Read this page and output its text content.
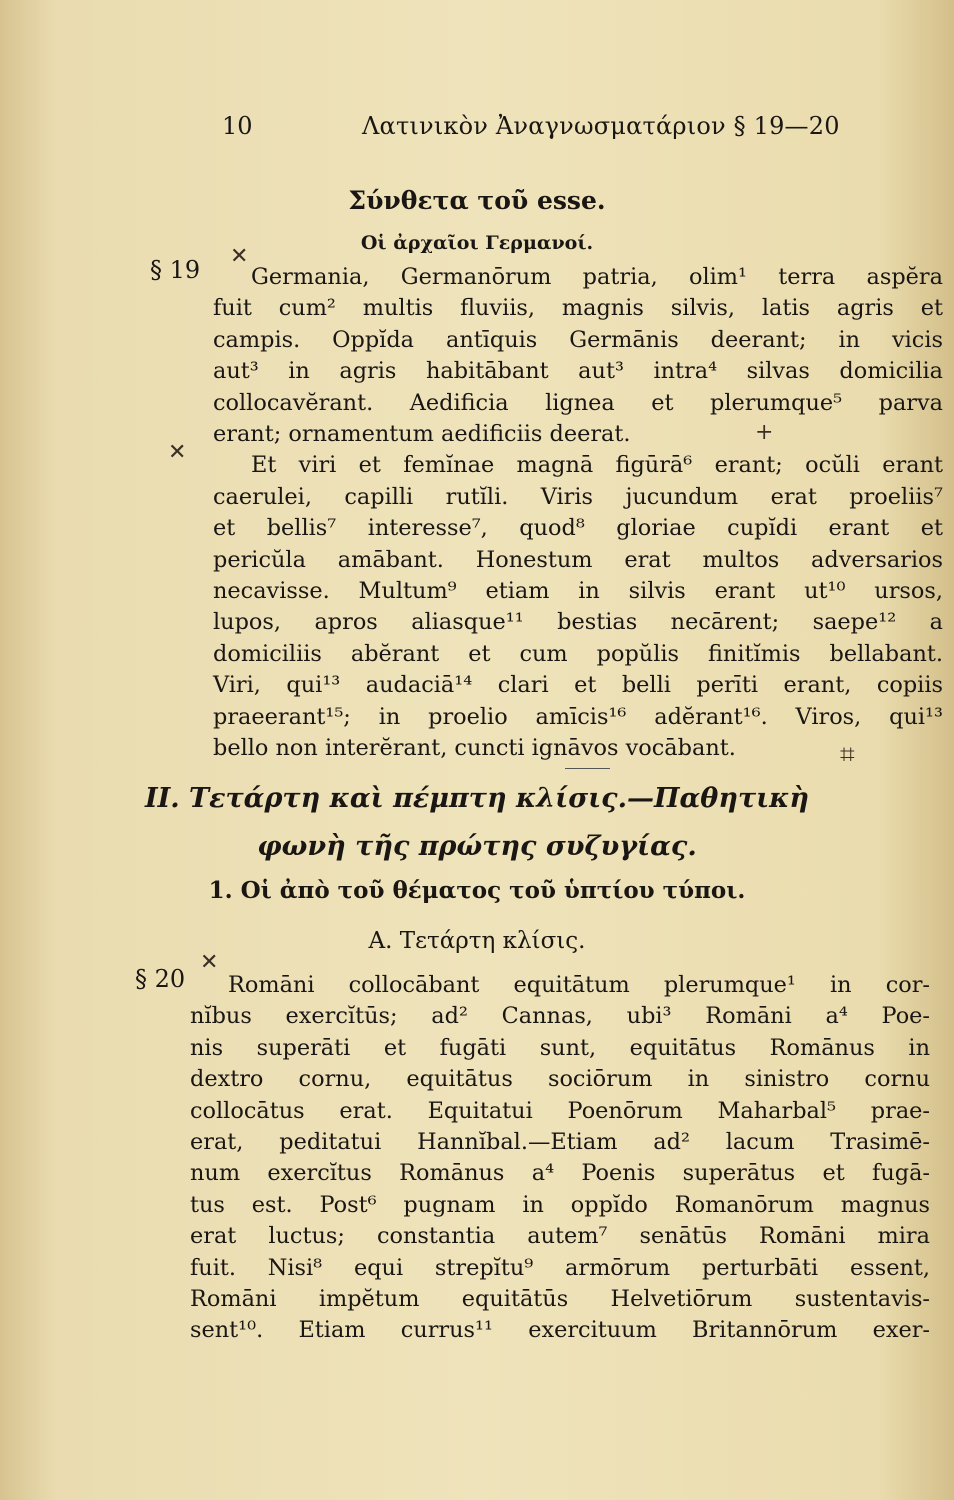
10	Λατινικὸν Ἀναγνωσματάριον § 19—20
Σύνθετα τοῦ esse.
Οἱ ἀρχαῖοι Γερμανοί.
§ 19 ✕

Germania, Germanōrum patria, olim¹ terra aspĕra
fuit cum² multis fluviis, magnis silvis, latis agris et
campis. Oppĭda antīquis Germānis deerant; in vicis
aut³ in agris habitābant aut³ intra⁴ silvas domicilia
collocavĕrant. Aedificia lignea et plerumque⁵ parva
erant; ornamentum aedificiis deerat.
Et viri et femĭnae magnā figūrā⁶ erant; ocŭli erant
caerulei, capilli rutĭli. Viris jucundum erat proeliis⁷
et bellis⁷ interesse⁷, quod⁸ gloriae cupĭdi erant et
pericŭla amābant. Honestum erat multos adversarios
necavisse. Multum⁹ etiam in silvis erant ut¹⁰ ursos,
lupos, apros aliasque¹¹ bestias necārent; saepe¹² a
domiciliis abĕrant et cum popŭlis finitĭmis bellabant.
Viri, qui¹³ audaciā¹⁴ clari et belli perīti erant, copiis
praeerant¹⁵; in proelio amīcis¹⁶ adĕrant¹⁶. Viros, qui¹³
bello non interĕrant, cuncti ignāvos vocābant.

✕
+
⌗
II. Τετάρτη καὶ πέμπτη κλίσις.—Παθητικὴ
φωνὴ τῆς πρώτης συζυγίας.
1. Οἱ ἀπὸ τοῦ θέματος τοῦ ὑπτίου τύποι.
Α. Τετάρτη κλίσις.
§ 20
✕

Romāni collocābant equitātum plerumque¹ in cor-
nĭbus exercĭtūs; ad² Cannas, ubi³ Romāni a⁴ Poe-
nis superāti et fugāti sunt, equitātus Romānus in
dextro cornu, equitātus sociōrum in sinistro cornu
collocātus erat. Equitatui Poenōrum Maharbal⁵ prae-
erat, peditatui Hannĭbal.—Etiam ad² lacum Trasimē-
num exercĭtus Romānus a⁴ Poenis superātus et fugā-
tus est. Post⁶ pugnam in oppĭdo Romanōrum magnus
erat luctus; constantia autem⁷ senātūs Romāni mira
fuit. Nisi⁸ equi strepĭtu⁹ armōrum perturbāti essent,
Romāni impĕtum equitātūs Helvetiōrum sustentavis-
sent¹⁰. Etiam currus¹¹ exercituum Britannōrum exer-
